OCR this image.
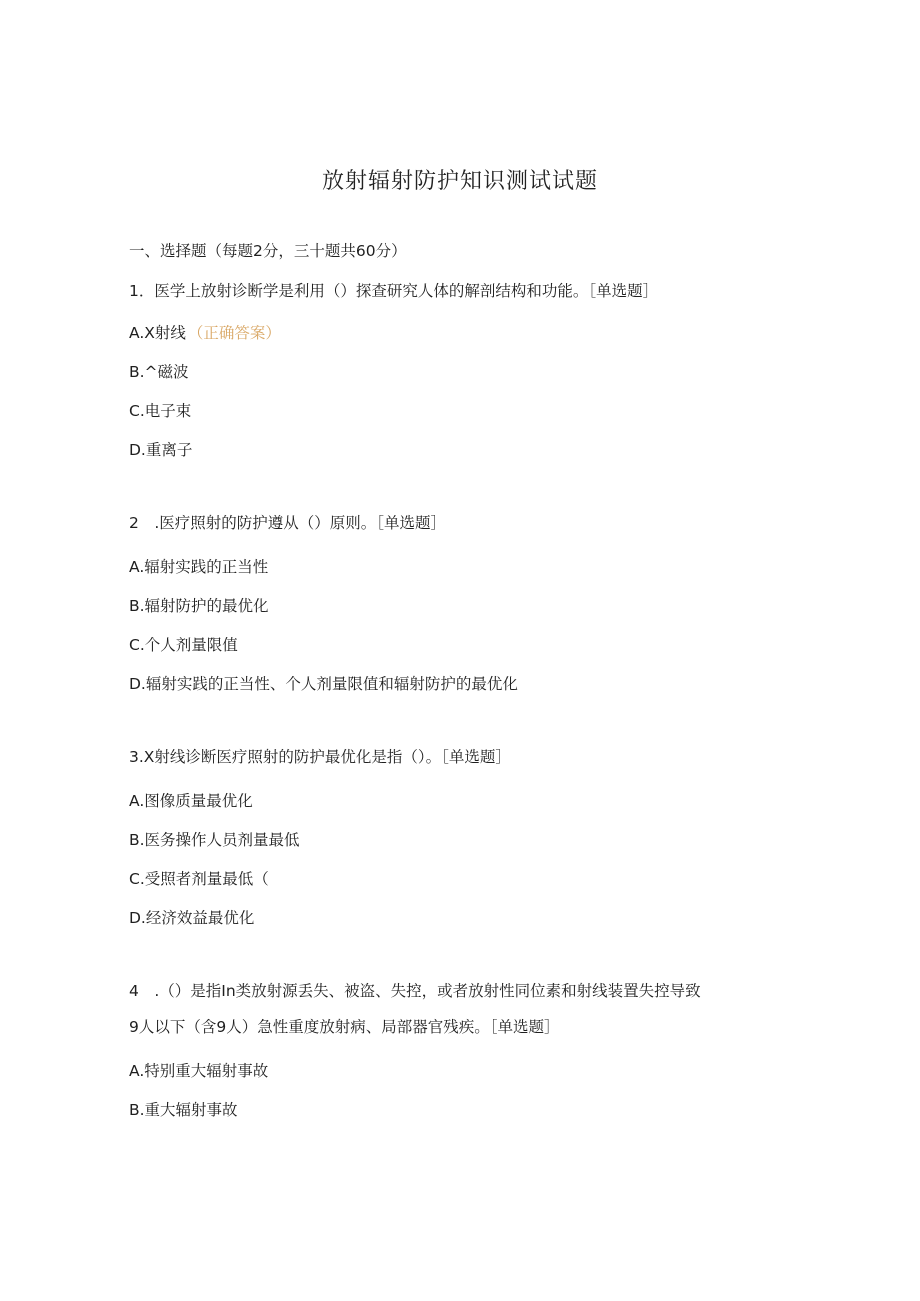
放射辐射防护知识测试试题
一、选择题（每题2分，三十题共60分）
1．医学上放射诊断学是利用（）探查研究人体的解剖结构和功能。［单选题］
A.X射线 （正确答案）
B.^磁波
C.电子束
D.重离子
2　.医疗照射的防护遵从（）原则。［单选题］
A.辐射实践的正当性
B.辐射防护的最优化
C.个人剂量限值
D.辐射实践的正当性、个人剂量限值和辐射防护的最优化
3.X射线诊断医疗照射的防护最优化是指（）。［单选题］
A.图像质量最优化
B.医务操作人员剂量最低
C.受照者剂量最低（
D.经济效益最优化
4　.（）是指In类放射源丢失、被盗、失控，或者放射性同位素和射线装置失控导致
9人以下（含9人）急性重度放射病、局部器官残疾。［单选题］
A.特别重大辐射事故
B.重大辐射事故
